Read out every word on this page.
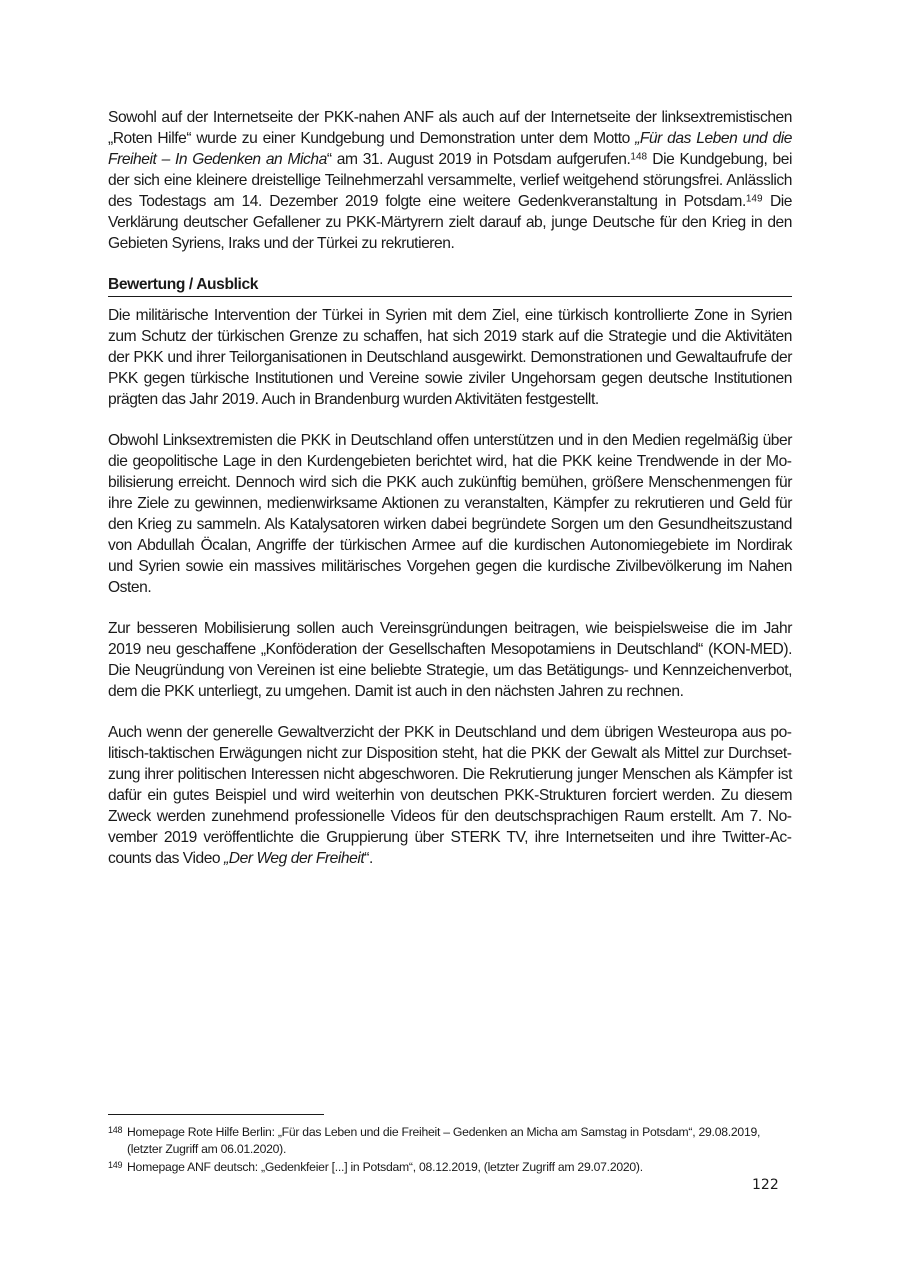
Sowohl auf der Internetseite der PKK-nahen ANF als auch auf der Internetseite der linksextremistischen „Roten Hilfe“ wurde zu einer Kundgebung und Demonstration unter dem Motto „Für das Leben und die Freiheit – In Gedenken an Micha“ am 31. August 2019 in Potsdam aufgerufen.$^{148}$ Die Kundgebung, bei der sich eine kleinere dreistellige Teilnehmerzahl versammelte, verlief weitgehend störungsfrei. Anlässlich des Todestags am 14. Dezember 2019 folgte eine weitere Gedenkveranstaltung in Potsdam.$^{149}$ Die Verklärung deutscher Gefallener zu PKK-Märtyrern zielt darauf ab, junge Deutsche für den Krieg in den Gebieten Syriens, Iraks und der Türkei zu rekrutieren.

Bewertung / Ausblick

Die militärische Intervention der Türkei in Syrien mit dem Ziel, eine türkisch kontrollierte Zone in Syrien zum Schutz der türkischen Grenze zu schaffen, hat sich 2019 stark auf die Strategie und die Aktivitäten der PKK und ihrer Teilorganisationen in Deutschland ausgewirkt. Demonstrationen und Gewaltaufrufe der PKK gegen türkische Institutionen und Vereine sowie ziviler Ungehorsam gegen deutsche Institutionen prägten das Jahr 2019. Auch in Brandenburg wurden Aktivitäten festgestellt.

Obwohl Linksextremisten die PKK in Deutschland offen unterstützen und in den Medien regelmäßig über die geopolitische Lage in den Kurdengebieten berichtet wird, hat die PKK keine Trendwende in der Mobilisierung erreicht. Dennoch wird sich die PKK auch zukünftig bemühen, größere Menschenmengen für ihre Ziele zu gewinnen, medienwirksame Aktionen zu veranstalten, Kämpfer zu rekrutieren und Geld für den Krieg zu sammeln. Als Katalysatoren wirken dabei begründete Sorgen um den Gesundheitszustand von Abdullah Öcalan, Angriffe der türkischen Armee auf die kurdischen Autonomiegebiete im Nordirak und Syrien sowie ein massives militärisches Vorgehen gegen die kurdische Zivilbevölkerung im Nahen Osten.

Zur besseren Mobilisierung sollen auch Vereinsgründungen beitragen, wie beispielsweise die im Jahr 2019 neu geschaffene „Konföderation der Gesellschaften Mesopotamiens in Deutschland“ (KON-MED). Die Neugründung von Vereinen ist eine beliebte Strategie, um das Betätigungs- und Kennzeichenverbot, dem die PKK unterliegt, zu umgehen. Damit ist auch in den nächsten Jahren zu rechnen.

Auch wenn der generelle Gewaltverzicht der PKK in Deutschland und dem übrigen Westeuropa aus politisch-taktischen Erwägungen nicht zur Disposition steht, hat die PKK der Gewalt als Mittel zur Durchsetzung ihrer politischen Interessen nicht abgeschworen. Die Rekrutierung junger Menschen als Kämpfer ist dafür ein gutes Beispiel und wird weiterhin von deutschen PKK-Strukturen forciert werden. Zu diesem Zweck werden zunehmend professionelle Videos für den deutschsprachigen Raum erstellt. Am 7. November 2019 veröffentlichte die Gruppierung über STERK TV, ihre Internetseiten und ihre Twitter-Accounts das Video „Der Weg der Freiheit“.

148 Homepage Rote Hilfe Berlin: „Für das Leben und die Freiheit – Gedenken an Micha am Samstag in Potsdam“, 29.08.2019, (letzter Zugriff am 06.01.2020).
149 Homepage ANF deutsch: „Gedenkfeier [...] in Potsdam“, 08.12.2019, (letzter Zugriff am 29.07.2020).
122
